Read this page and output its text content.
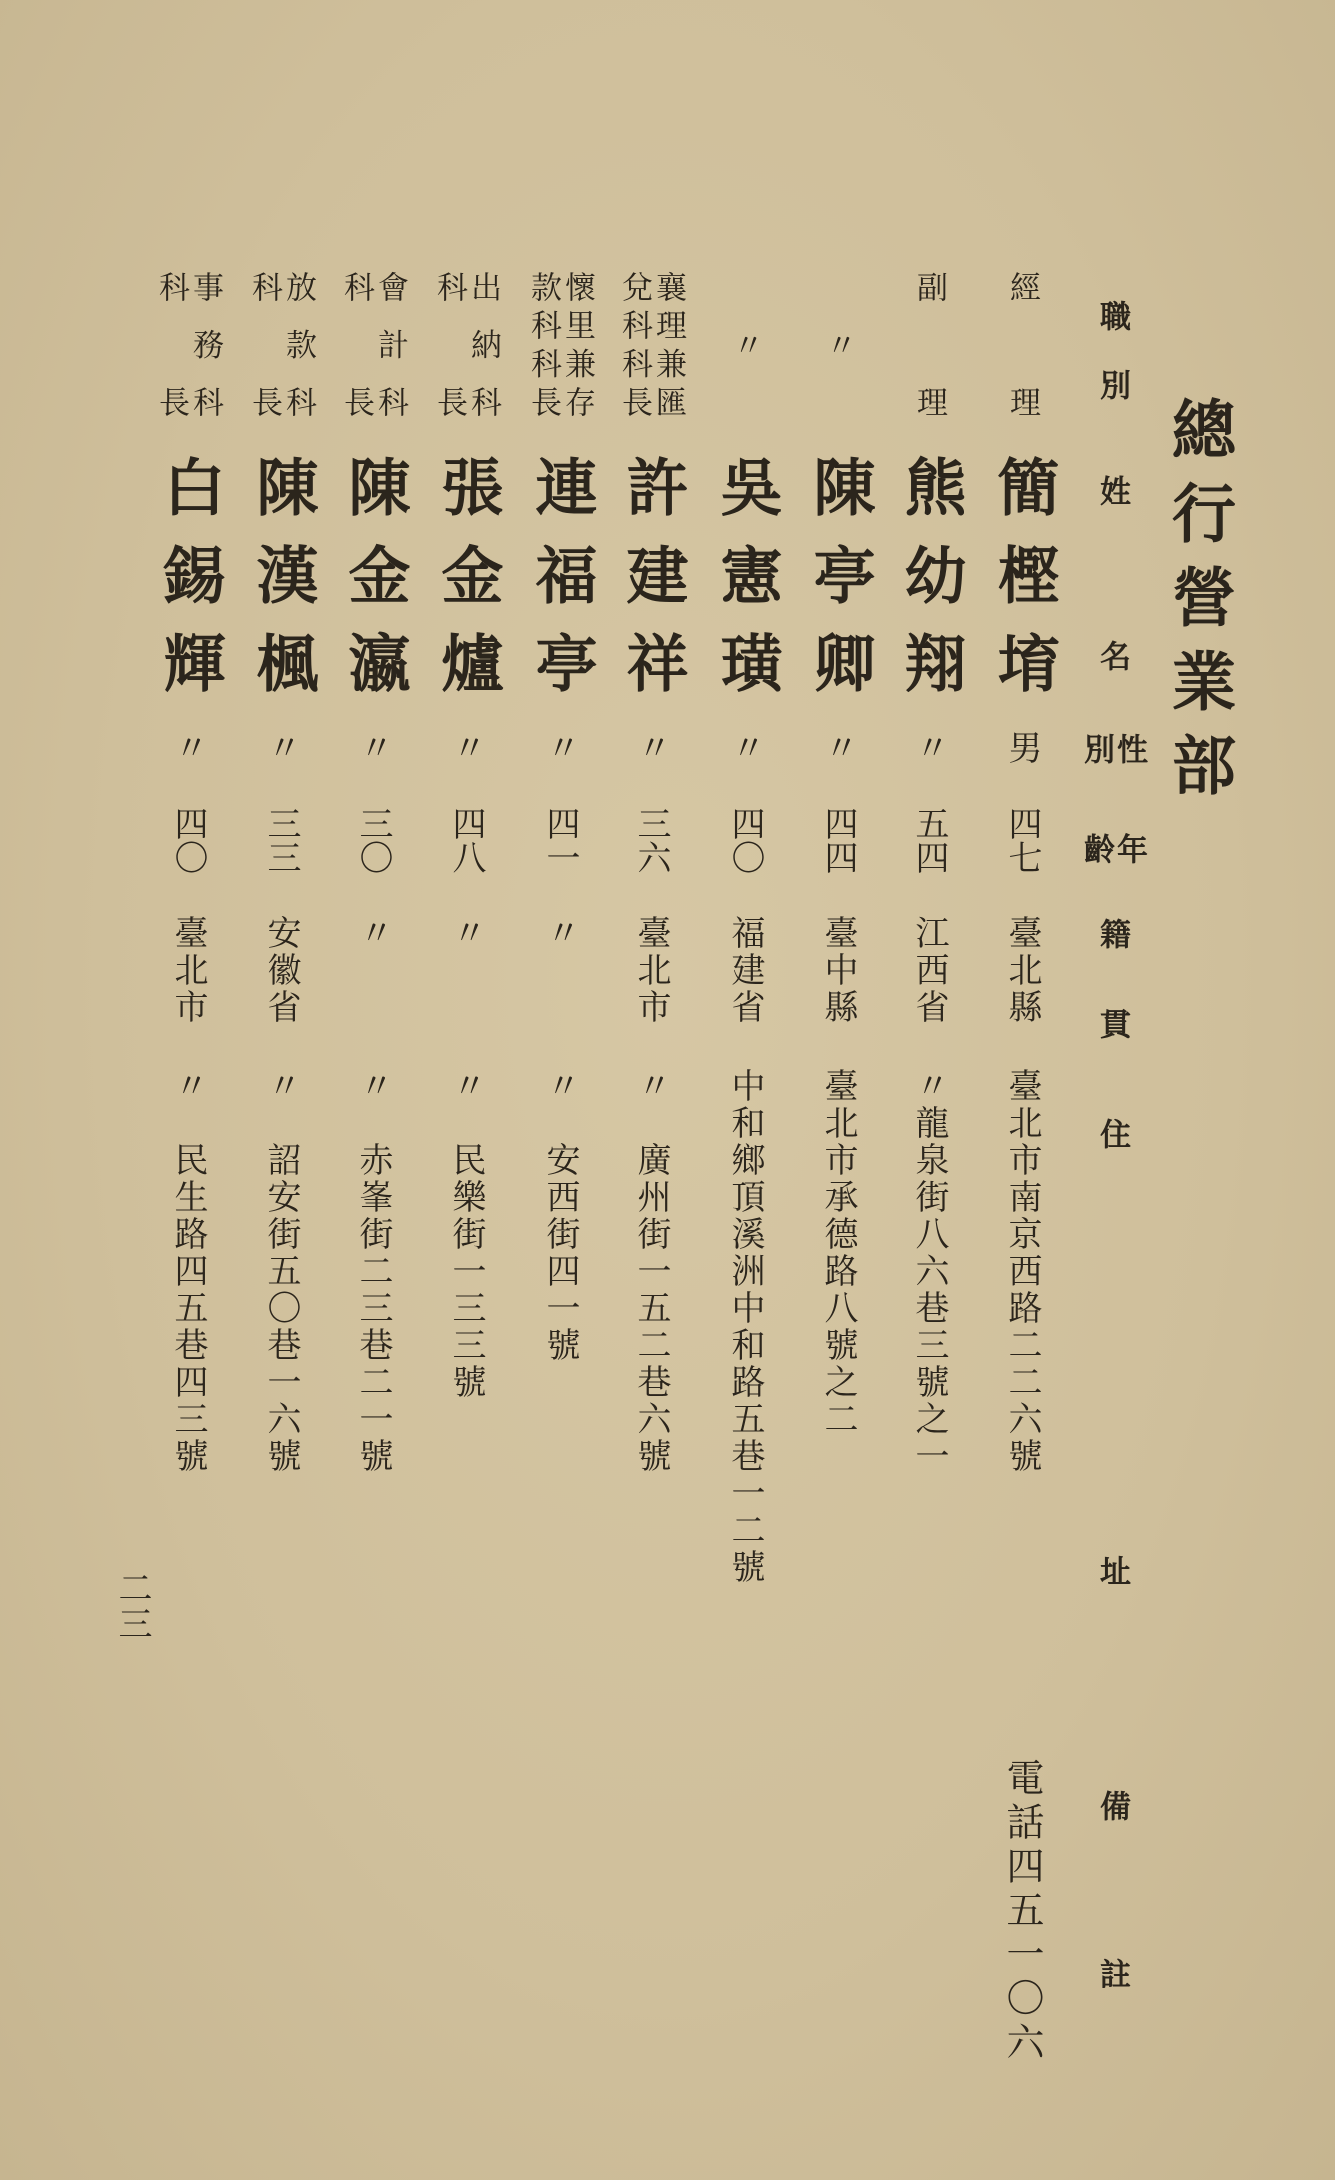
總行營業部
職別
姓
名
性
別
年
齡
籍
貫
住
址
備
註
經理
簡樫堉
男
四七
臺北縣
臺北市南京西路二二六號
電話四五一〇六
副理
熊幼翔
〃
五四
江西省
〃龍泉街八六巷三號之一
〃
陳亭卿
〃
四四
臺中縣
臺北市承德路八號之二
〃
吳憲璜
〃
四〇
福建省
中和鄉頂溪洲中和路五巷一二號
襄理兼匯
兌科科長
許建祥
〃
三六
臺北市
〃　廣州街一五二巷六號
懷里兼存
款科科長
連福亭
〃
四一
〃
〃　安西街四一號
出納科
科長
張金爐
〃
四八
〃
〃　民樂街一三三號
會計科
科長
陳金瀛
〃
三〇
〃
〃　赤峯街二三巷二一號
放款科
科長
陳漢楓
〃
三三
安徽省
〃　詔安街五〇巷一六號
事務科
科長
白錫輝
〃
四〇
臺北市
〃　民生路四五巷四三號
二三
